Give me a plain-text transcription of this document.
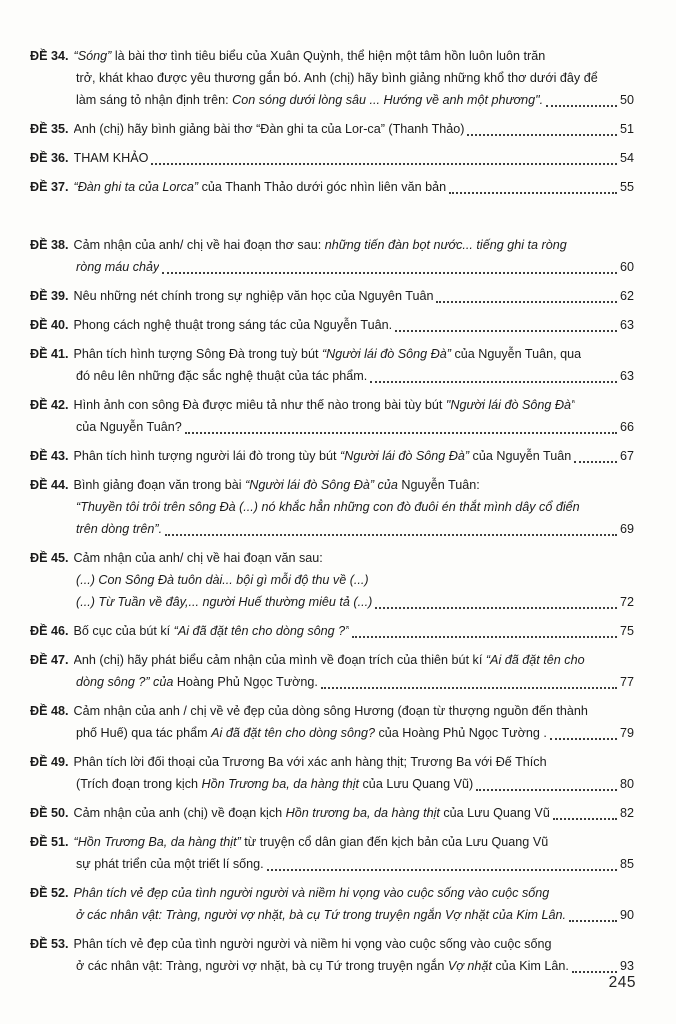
ĐỀ 34. “Sóng” là bài thơ tình tiêu biểu của Xuân Quỳnh, thể hiện một tâm hồn luôn luôn trăn
trở, khát khao được yêu thương gắn bó. Anh (chị) hãy bình giảng những khổ thơ dưới đây để
làm sáng tỏ nhận định trên: Con sóng dưới lòng sâu ... Hướng về anh một phương".	50
ĐỀ 35. Anh (chị) hãy bình giảng bài thơ “Đàn ghi ta của Lor-ca” (Thanh Thảo)	51
ĐỀ 36. THAM KHẢO	54
ĐỀ 37. “Đàn ghi ta của Lorca” của Thanh Thảo dưới góc nhìn liên văn bản	55
ĐỀ 38. Cảm nhận của anh/ chị về hai đoạn thơ sau: những tiến đàn bọt nước... tiếng ghi ta ròng
ròng máu chảy	60
ĐỀ 39. Nêu những nét chính trong sự nghiệp văn học của Nguyên Tuân	62
ĐỀ 40. Phong cách nghệ thuật trong sáng tác của Nguyễn Tuân.	63
ĐỀ 41. Phân tích hình tượng Sông Đà trong tuỳ bút “Người lái đò Sông Đà” của Nguyễn Tuân, qua
đó nêu lên những đặc sắc nghệ thuật của tác phẩm.	63
ĐỀ 42. Hình ảnh con sông Đà được miêu tả như thế nào trong bài tùy bút "Người lái đò Sông Đà"
của Nguyễn Tuân?	66
ĐỀ 43. Phân tích hình tượng người lái đò trong tùy bút “Người lái đò Sông Đà” của Nguyễn Tuân	67
ĐỀ 44. Bình giảng đoạn văn trong bài “Người lái đò Sông Đà” của Nguyễn Tuân:
“Thuyền tôi trôi trên sông Đà (...) nó khắc hẳn những con đò đuôi én thắt mình dây cổ điển
trên dòng trên”.	69
ĐỀ 45. Cảm nhận của anh/ chị về hai đoạn văn sau:
(...) Con Sông Đà tuôn dài... bội gì mỗi độ thu về (...)
(...) Từ Tuần về đây,... người Huế thường miêu tả (...)	72
ĐỀ 46. Bố cục của bút kí “Ai đã đặt tên cho dòng sông ?”	75
ĐỀ 47. Anh (chị) hãy phát biểu cảm nhận của mình về đoạn trích của thiên bút kí “Ai đã đặt tên cho
dòng sông ?” của Hoàng Phủ Ngọc Tường.	77
ĐỀ 48. Cảm nhận của anh / chị về vẻ đẹp của dòng sông Hương (đoạn từ thượng nguồn đến thành
phố Huế) qua tác phẩm Ai đã đặt tên cho dòng sông? của Hoàng Phủ Ngọc Tường .	79
ĐỀ 49. Phân tích lời đối thoại của Trương Ba với xác anh hàng thịt; Trương Ba với Đế Thích
(Trích đoạn trong kịch Hồn Trương ba, da hàng thịt của Lưu Quang Vũ)	80
ĐỀ 50. Cảm nhận của anh (chị) về đoạn kịch Hồn trương ba, da hàng thịt của Lưu Quang Vũ	82
ĐỀ 51. “Hồn Trương Ba, da hàng thịt” từ truyện cổ dân gian đến kịch bản của Lưu Quang Vũ
sự phát triển của một triết lí sống.	85
ĐỀ 52. Phân tích vẻ đẹp của tình người người và niềm hi vọng vào cuộc sống vào cuộc sống
ở các nhân vật: Tràng, người vợ nhặt, bà cụ Tứ trong truyện ngắn Vợ nhặt của Kim Lân.	90
ĐỀ 53. Phân tích vẻ đẹp của tình người người và niềm hi vọng vào cuộc sống vào cuộc sống
ở các nhân vật: Tràng, người vợ nhặt, bà cụ Tứ trong truyện ngắn Vợ nhặt của Kim Lân.	93
245
